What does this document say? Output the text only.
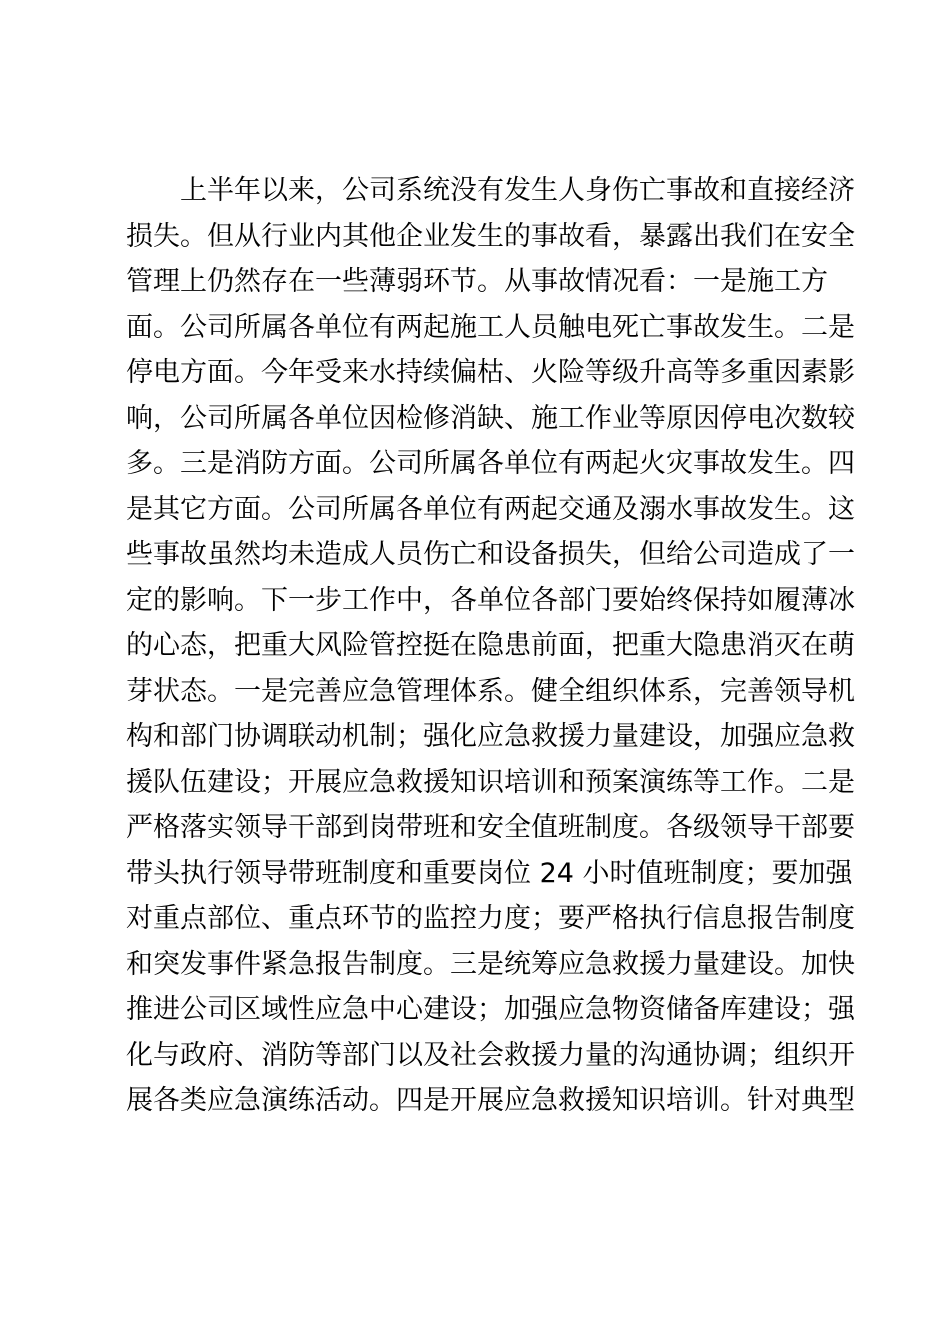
上半年以来，公司系统没有发生人身伤亡事故和直接经济
损失。但从行业内其他企业发生的事故看，暴露出我们在安全
管理上仍然存在一些薄弱环节。从事故情况看：一是施工方
面。公司所属各单位有两起施工人员触电死亡事故发生。二是
停电方面。今年受来水持续偏枯、火险等级升高等多重因素影
响，公司所属各单位因检修消缺、施工作业等原因停电次数较
多。三是消防方面。公司所属各单位有两起火灾事故发生。四
是其它方面。公司所属各单位有两起交通及溺水事故发生。这
些事故虽然均未造成人员伤亡和设备损失，但给公司造成了一
定的影响。下一步工作中，各单位各部门要始终保持如履薄冰
的心态，把重大风险管控挺在隐患前面，把重大隐患消灭在萌
芽状态。一是完善应急管理体系。健全组织体系，完善领导机
构和部门协调联动机制；强化应急救援力量建设，加强应急救
援队伍建设；开展应急救援知识培训和预案演练等工作。二是
严格落实领导干部到岗带班和安全值班制度。各级领导干部要
带头执行领导带班制度和重要岗位 24 小时值班制度；要加强
对重点部位、重点环节的监控力度；要严格执行信息报告制度
和突发事件紧急报告制度。三是统筹应急救援力量建设。加快
推进公司区域性应急中心建设；加强应急物资储备库建设；强
化与政府、消防等部门以及社会救援力量的沟通协调；组织开
展各类应急演练活动。四是开展应急救援知识培训。针对典型
